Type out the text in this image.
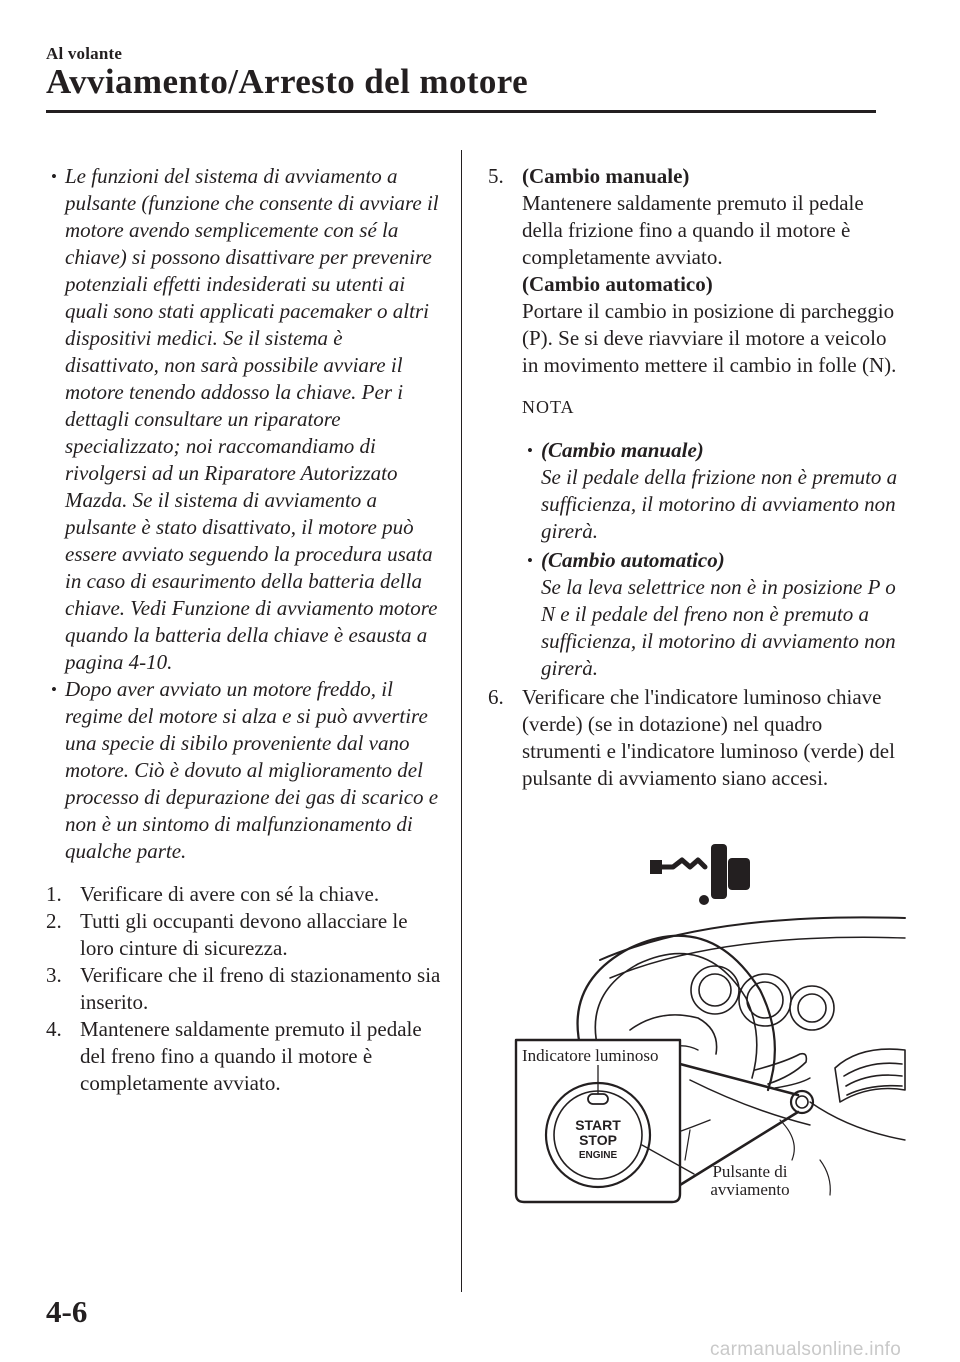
Al volante
Avviamento/Arresto del motore
• Le funzioni del sistema di avviamento a pulsante (funzione che consente di avviare il motore avendo semplicemente con sé la chiave) si possono disattivare per prevenire potenziali effetti indesiderati su utenti ai quali sono stati applicati pacemaker o altri dispositivi medici. Se il sistema è disattivato, non sarà possibile avviare il motore tenendo addosso la chiave. Per i dettagli consultare un riparatore specializzato; noi raccomandiamo di rivolgersi ad un Riparatore Autorizzato Mazda. Se il sistema di avviamento a pulsante è stato disattivato, il motore può essere avviato seguendo la procedura usata in caso di esaurimento della batteria della chiave. Vedi Funzione di avviamento motore quando la batteria della chiave è esausta a pagina 4-10.
• Dopo aver avviato un motore freddo, il regime del motore si alza e si può avvertire una specie di sibilo proveniente dal vano motore. Ciò è dovuto al miglioramento del processo di depurazione dei gas di scarico e non è un sintomo di malfunzionamento di qualche parte.
1. Verificare di avere con sé la chiave.
2. Tutti gli occupanti devono allacciare le loro cinture di sicurezza.
3. Verificare che il freno di stazionamento sia inserito.
4. Mantenere saldamente premuto il pedale del freno fino a quando il motore è completamente avviato.
5. (Cambio manuale)
Mantenere saldamente premuto il pedale della frizione fino a quando il motore è completamente avviato.
(Cambio automatico)
Portare il cambio in posizione di parcheggio (P). Se si deve riavviare il motore a veicolo in movimento mettere il cambio in folle (N).
NOTA
• (Cambio manuale)
Se il pedale della frizione non è premuto a sufficienza, il motorino di avviamento non girerà.
• (Cambio automatico)
Se la leva selettrice non è in posizione P o N e il pedale del freno non è premuto a sufficienza, il motorino di avviamento non girerà.
6. Verificare che l'indicatore luminoso chiave (verde) (se in dotazione) nel quadro strumenti e l'indicatore luminoso (verde) del pulsante di avviamento siano accesi.
START
STOP
ENGINE
Indicatore luminoso
Pulsante di
avviamento
4-6
carmanualsonline.info
